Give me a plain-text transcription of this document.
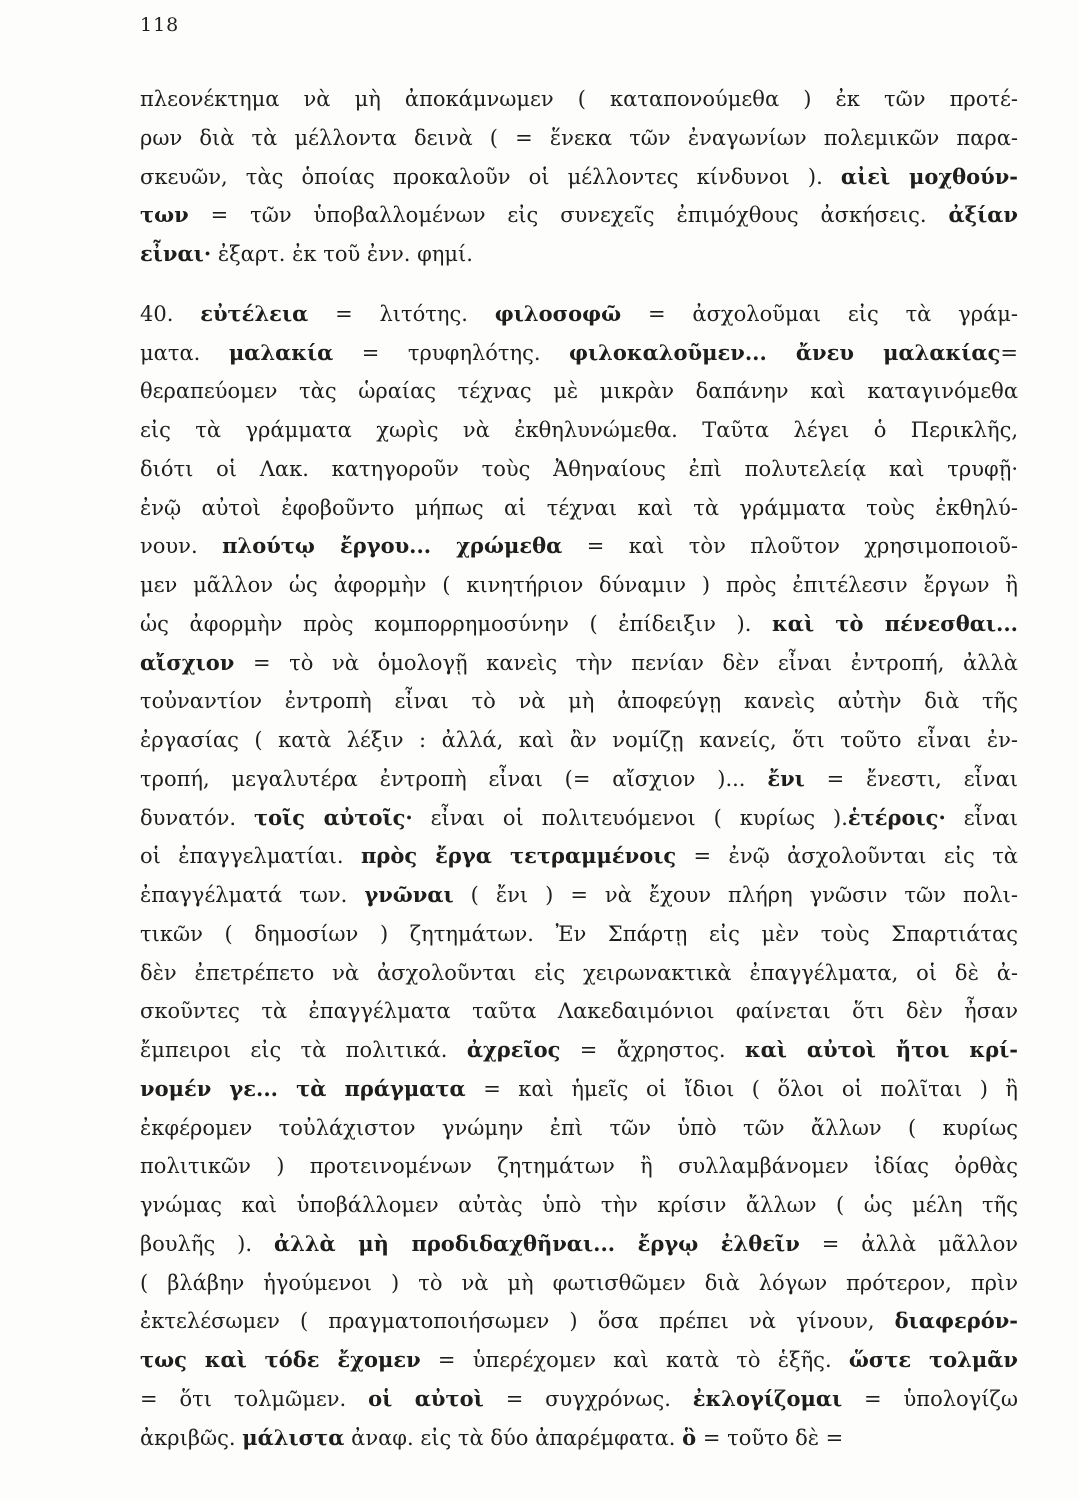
118
πλεονέκτημα νὰ μὴ ἀποκάμνωμεν ( καταπονούμεθα ) ἐκ τῶν προτέ-
ρων διὰ τὰ μέλλοντα δεινὰ ( = ἕνεκα τῶν ἐναγωνίων πολεμικῶν παρα-
σκευῶν, τὰς ὁποίας προκαλοῦν οἱ μέλλοντες κίνδυνοι ). αἰεὶ μοχθούν-
των = τῶν ὑποβαλλομένων εἰς συνεχεῖς ἐπιμόχθους ἀσκήσεις. ἀξίαν
εἶναι· ἐξαρτ. ἐκ τοῦ ἐνν. φημί.
40. εὐτέλεια = λιτότης. φιλοσοφῶ = ἀσχολοῦμαι εἰς τὰ γράμ-
ματα. μαλακία = τρυφηλότης. φιλοκαλοῦμεν... ἄνευ μαλακίας=
θεραπεύομεν τὰς ὡραίας τέχνας μὲ μικρὰν δαπάνην καὶ καταγινόμεθα
εἰς τὰ γράμματα χωρὶς νὰ ἐκθηλυνώμεθα. Ταῦτα λέγει ὁ Περικλῆς,
διότι οἱ Λακ. κατηγοροῦν τοὺς Ἀθηναίους ἐπὶ πολυτελείᾳ καὶ τρυφῇ·
ἐνῷ αὐτοὶ ἐφοβοῦντο μήπως αἱ τέχναι καὶ τὰ γράμματα τοὺς ἐκθηλύ-
νουν. πλούτῳ ἔργου... χρώμεθα = καὶ τὸν πλοῦτον χρησιμοποιοῦ-
μεν μᾶλλον ὡς ἀφορμὴν ( κινητήριον δύναμιν ) πρὸς ἐπιτέλεσιν ἔργων ἢ
ὡς ἀφορμὴν πρὸς κομπορρημοσύνην ( ἐπίδειξιν ). καὶ τὸ πένεσθαι...
αἴσχιον = τὸ νὰ ὁμολογῇ κανεὶς τὴν πενίαν δὲν εἶναι ἐντροπή, ἀλλὰ
τοὐναντίον ἐντροπὴ εἶναι τὸ νὰ μὴ ἀποφεύγῃ κανεὶς αὐτὴν διὰ τῆς
ἐργασίας ( κατὰ λέξιν : ἀλλά, καὶ ἂν νομίζῃ κανείς, ὅτι τοῦτο εἶναι ἐν-
τροπή, μεγαλυτέρα ἐντροπὴ εἶναι (= αἴσχιον )... ἔνι = ἔνεστι, εἶναι
δυνατόν. τοῖς αὐτοῖς· εἶναι οἱ πολιτευόμενοι ( κυρίως ).ἑτέροις· εἶναι
οἱ ἐπαγγελματίαι. πρὸς ἔργα τετραμμένοις = ἐνῷ ἀσχολοῦνται εἰς τὰ
ἐπαγγέλματά των. γνῶναι ( ἔνι ) = νὰ ἔχουν πλήρη γνῶσιν τῶν πολι-
τικῶν ( δημοσίων ) ζητημάτων. Ἐν Σπάρτῃ εἰς μὲν τοὺς Σπαρτιάτας
δὲν ἐπετρέπετο νὰ ἀσχολοῦνται εἰς χειρωνακτικὰ ἐπαγγέλματα, οἱ δὲ ἀ-
σκοῦντες τὰ ἐπαγγέλματα ταῦτα Λακεδαιμόνιοι φαίνεται ὅτι δὲν ἦσαν
ἔμπειροι εἰς τὰ πολιτικά. ἀχρεῖος = ἄχρηστος. καὶ αὐτοὶ ἤτοι κρί-
νομέν γε... τὰ πράγματα = καὶ ἡμεῖς οἱ ἴδιοι ( ὅλοι οἱ πολῖται ) ἢ
ἐκφέρομεν τοὐλάχιστον γνώμην ἐπὶ τῶν ὑπὸ τῶν ἄλλων ( κυρίως
πολιτικῶν ) προτεινομένων ζητημάτων ἢ συλλαμβάνομεν ἰδίας ὀρθὰς
γνώμας καὶ ὑποβάλλομεν αὐτὰς ὑπὸ τὴν κρίσιν ἄλλων ( ὡς μέλη τῆς
βουλῆς ). ἀλλὰ μὴ προδιδαχθῆναι... ἔργῳ ἐλθεῖν = ἀλλὰ μᾶλλον
( βλάβην ἡγούμενοι ) τὸ νὰ μὴ φωτισθῶμεν διὰ λόγων πρότερον, πρὶν
ἐκτελέσωμεν ( πραγματοποιήσωμεν ) ὅσα πρέπει νὰ γίνουν, διαφερόν-
τως καὶ τόδε ἔχομεν = ὑπερέχομεν καὶ κατὰ τὸ ἑξῆς. ὥστε τολμᾶν
= ὅτι τολμῶμεν. οἱ αὐτοὶ = συγχρόνως. ἐκλογίζομαι = ὑπολογίζω
ἀκριβῶς. μάλιστα ἀναφ. εἰς τὰ δύο ἀπαρέμφατα. ὃ = τοῦτο δὲ =
